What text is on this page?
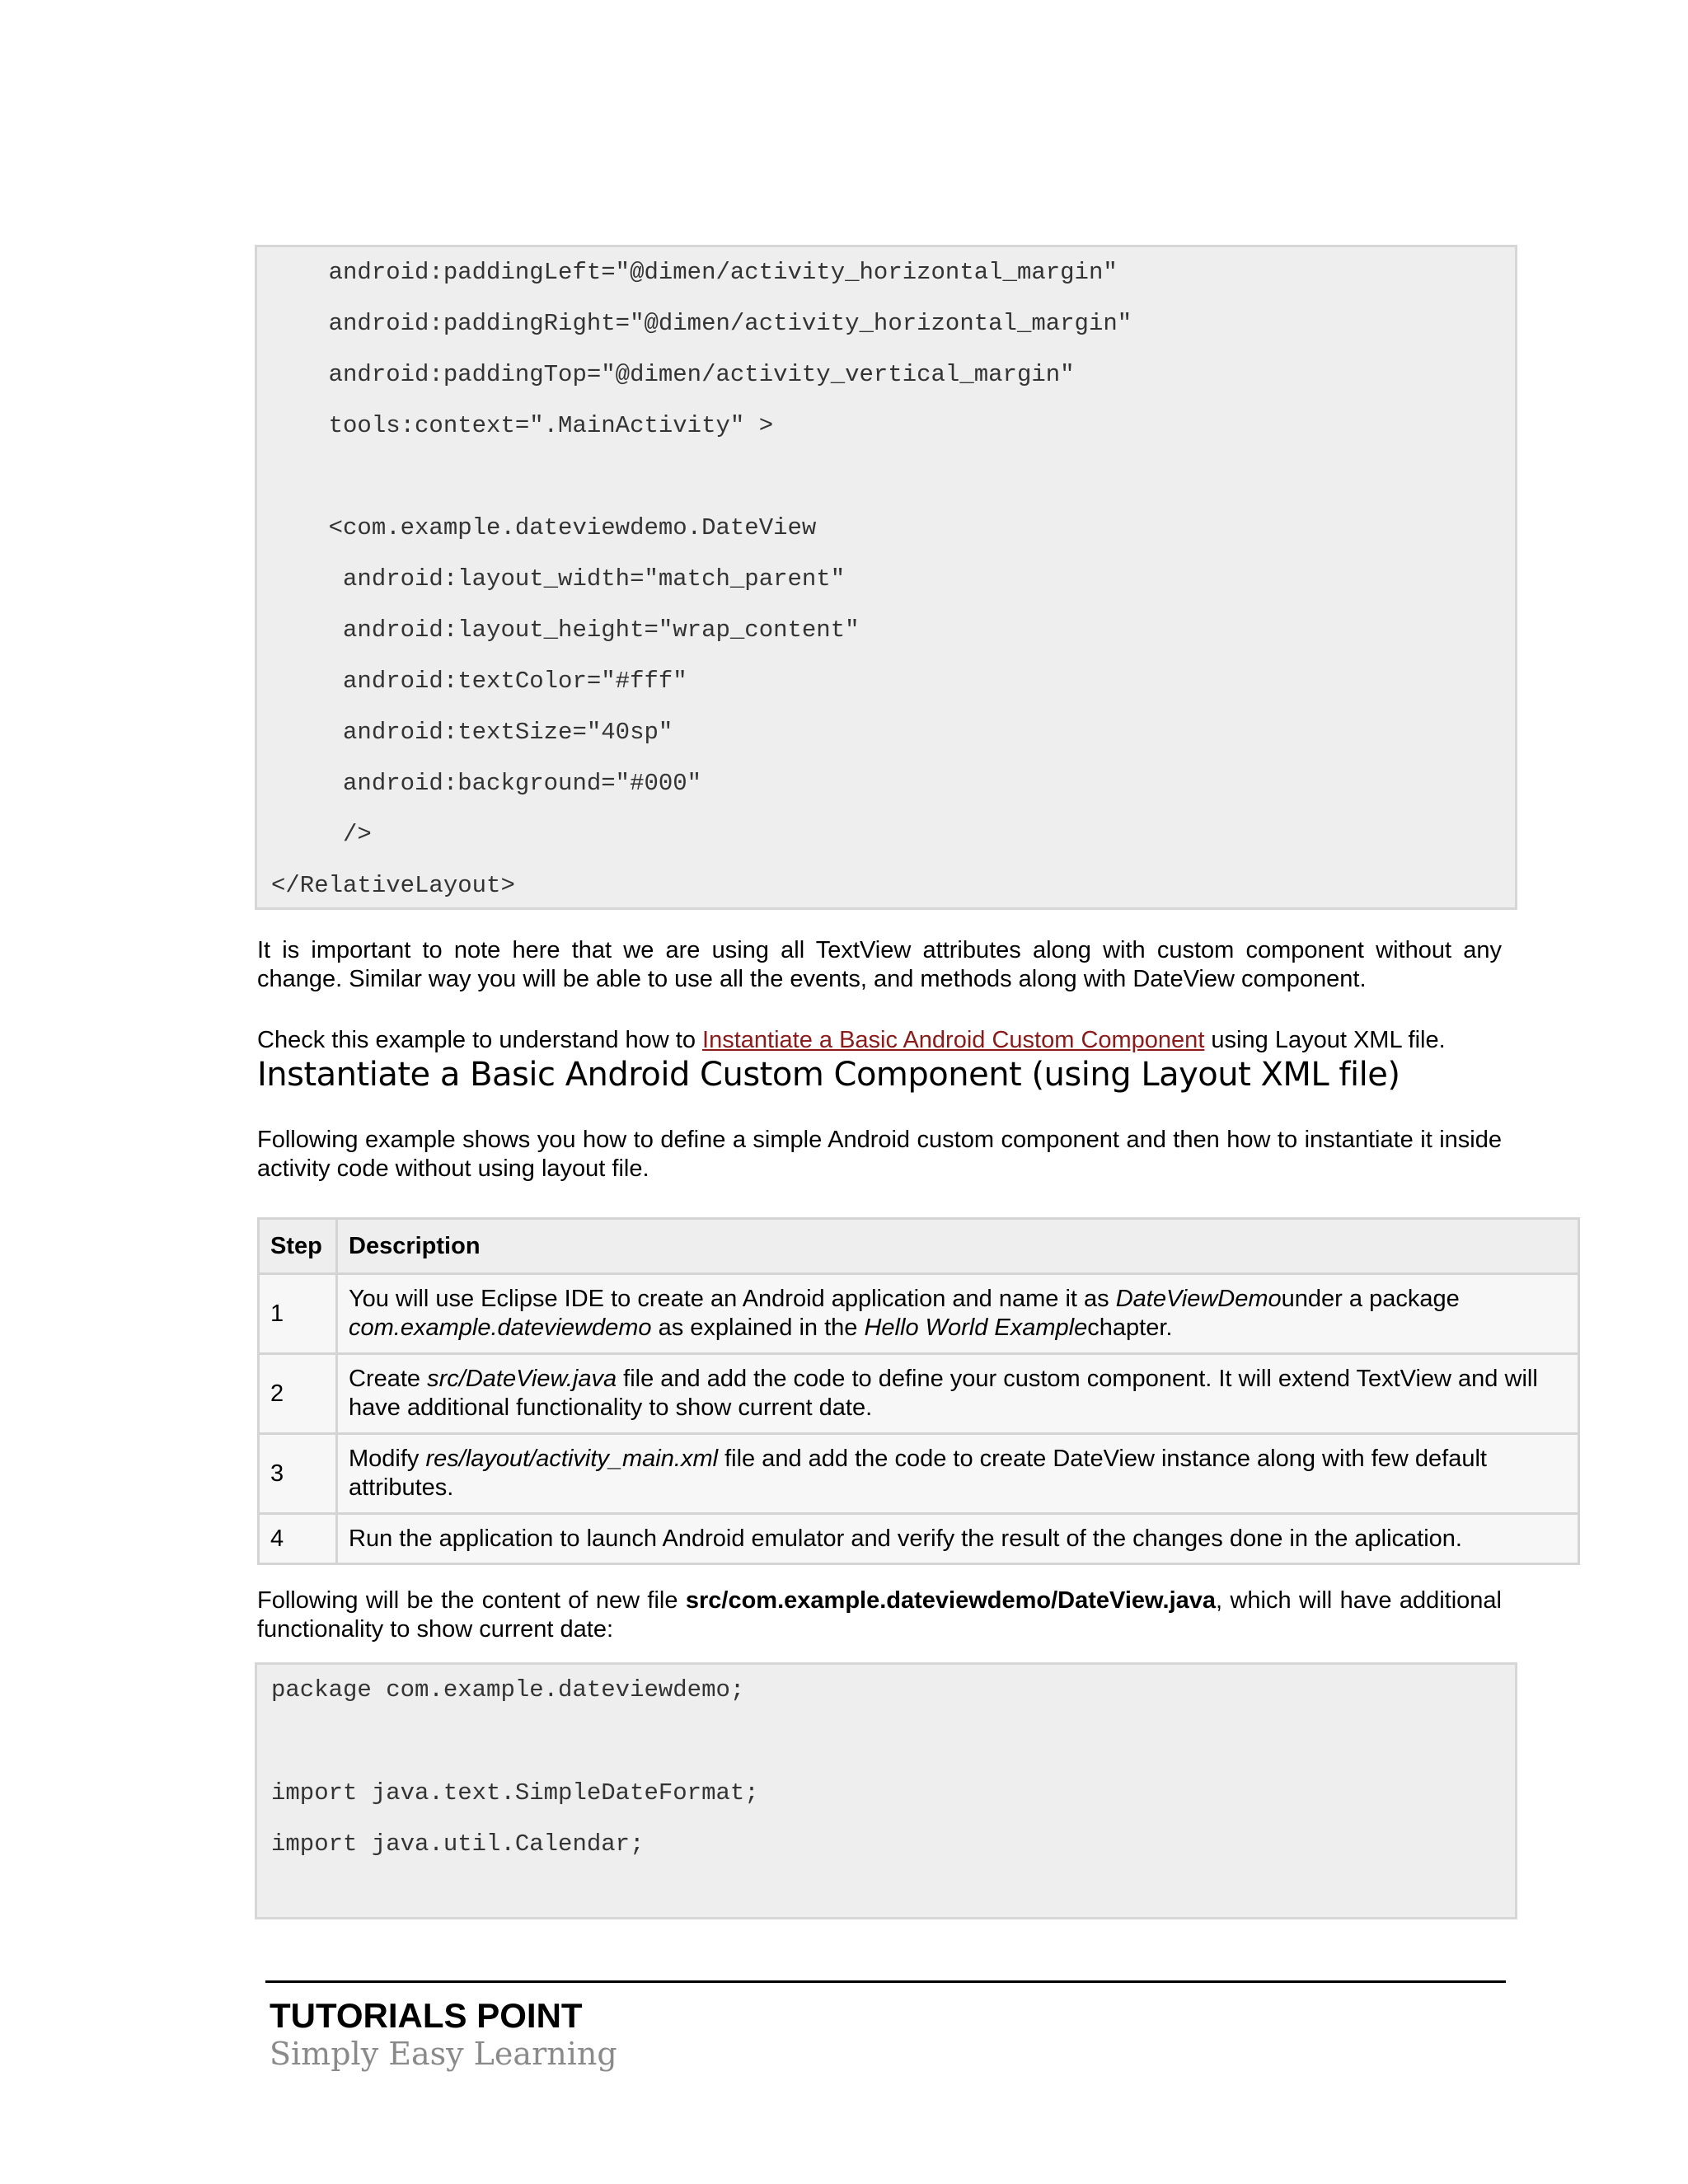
android:paddingLeft="@dimen/activity_horizontal_margin"
android:paddingRight="@dimen/activity_horizontal_margin"
android:paddingTop="@dimen/activity_vertical_margin"
tools:context=".MainActivity" >
<com.example.dateviewdemo.DateView
android:layout_width="match_parent"
android:layout_height="wrap_content"
android:textColor="#fff"
android:textSize="40sp"
android:background="#000"
/>
</RelativeLayout>
It is important to note here that we are using all TextView attributes along with custom component without any change. Similar way you will be able to use all the events, and methods along with DateView component.
Check this example to understand how to Instantiate a Basic Android Custom Component using Layout XML file.
Instantiate a Basic Android Custom Component (using Layout XML file)
Following example shows you how to define a simple Android custom component and then how to instantiate it inside activity code without using layout file.
Step	Description
1	You will use Eclipse IDE to create an Android application and name it as DateViewDemounder a package com.example.dateviewdemo as explained in the Hello World Examplechapter.
2	Create src/DateView.java file and add the code to define your custom component. It will extend TextView and will have additional functionality to show current date.
3	Modify res/layout/activity_main.xml file and add the code to create DateView instance along with few default attributes.
4	Run the application to launch Android emulator and verify the result of the changes done in the aplication.
Following will be the content of new file src/com.example.dateviewdemo/DateView.java, which will have additional functionality to show current date:
package com.example.dateviewdemo;
import java.text.SimpleDateFormat;
import java.util.Calendar;
TUTORIALS POINT
Simply Easy Learning
